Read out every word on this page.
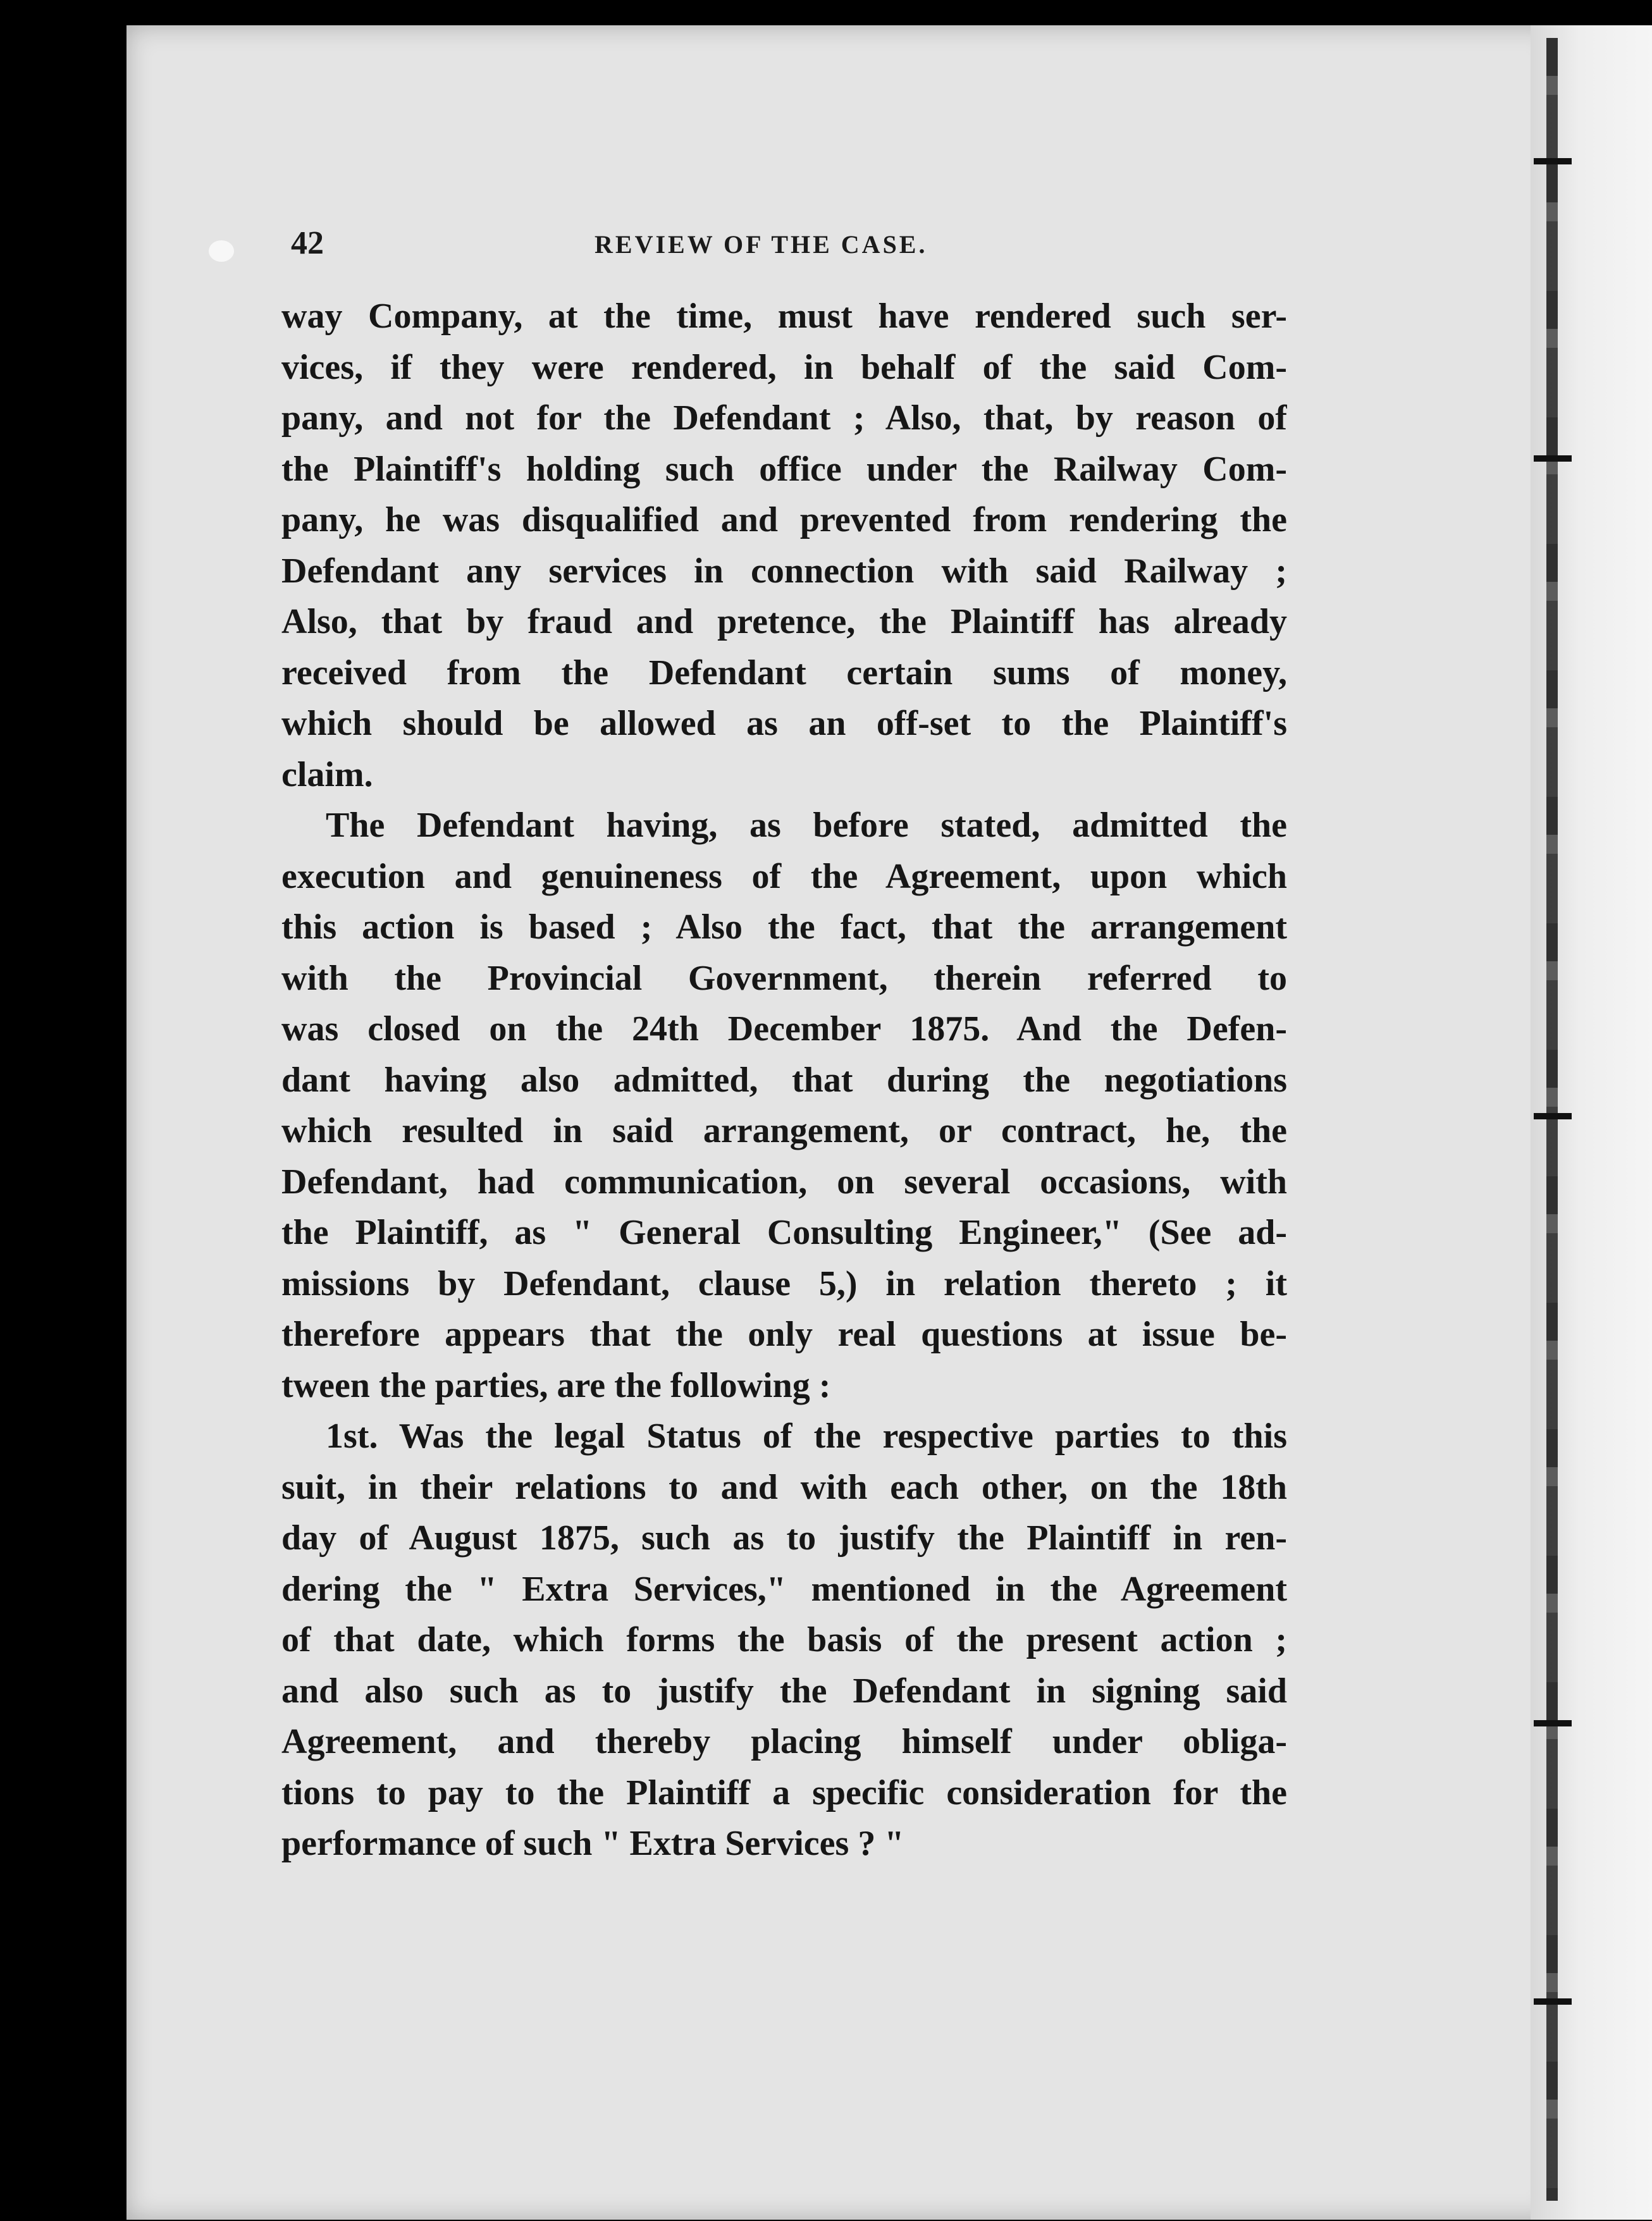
42	REVIEW OF THE CASE.
way Company, at the time, must have rendered such ser-
vices, if they were rendered, in behalf of the said Com-
pany, and not for the Defendant ; Also, that, by reason of
the Plaintiff's holding such office under the Railway Com-
pany, he was disqualified and prevented from rendering the
Defendant any services in connection with said Railway ;
Also, that by fraud and pretence, the Plaintiff has already
received from the Defendant certain sums of money,
which should be allowed as an off-set to the Plaintiff's
claim.
The Defendant having, as before stated, admitted the
execution and genuineness of the Agreement, upon which
this action is based ; Also the fact, that the arrangement
with the Provincial Government, therein referred to
was closed on the 24th December 1875. And the Defen-
dant having also admitted, that during the negotiations
which resulted in said arrangement, or contract, he, the
Defendant, had communication, on several occasions, with
the Plaintiff, as " General Consulting Engineer," (See ad-
missions by Defendant, clause 5,) in relation thereto ; it
therefore appears that the only real questions at issue be-
tween the parties, are the following :
1st. Was the legal Status of the respective parties to this
suit, in their relations to and with each other, on the 18th
day of August 1875, such as to justify the Plaintiff in ren-
dering the " Extra Services," mentioned in the Agreement
of that date, which forms the basis of the present action ;
and also such as to justify the Defendant in signing said
Agreement, and thereby placing himself under obliga-
tions to pay to the Plaintiff a specific consideration for the
performance of such " Extra Services ? "
